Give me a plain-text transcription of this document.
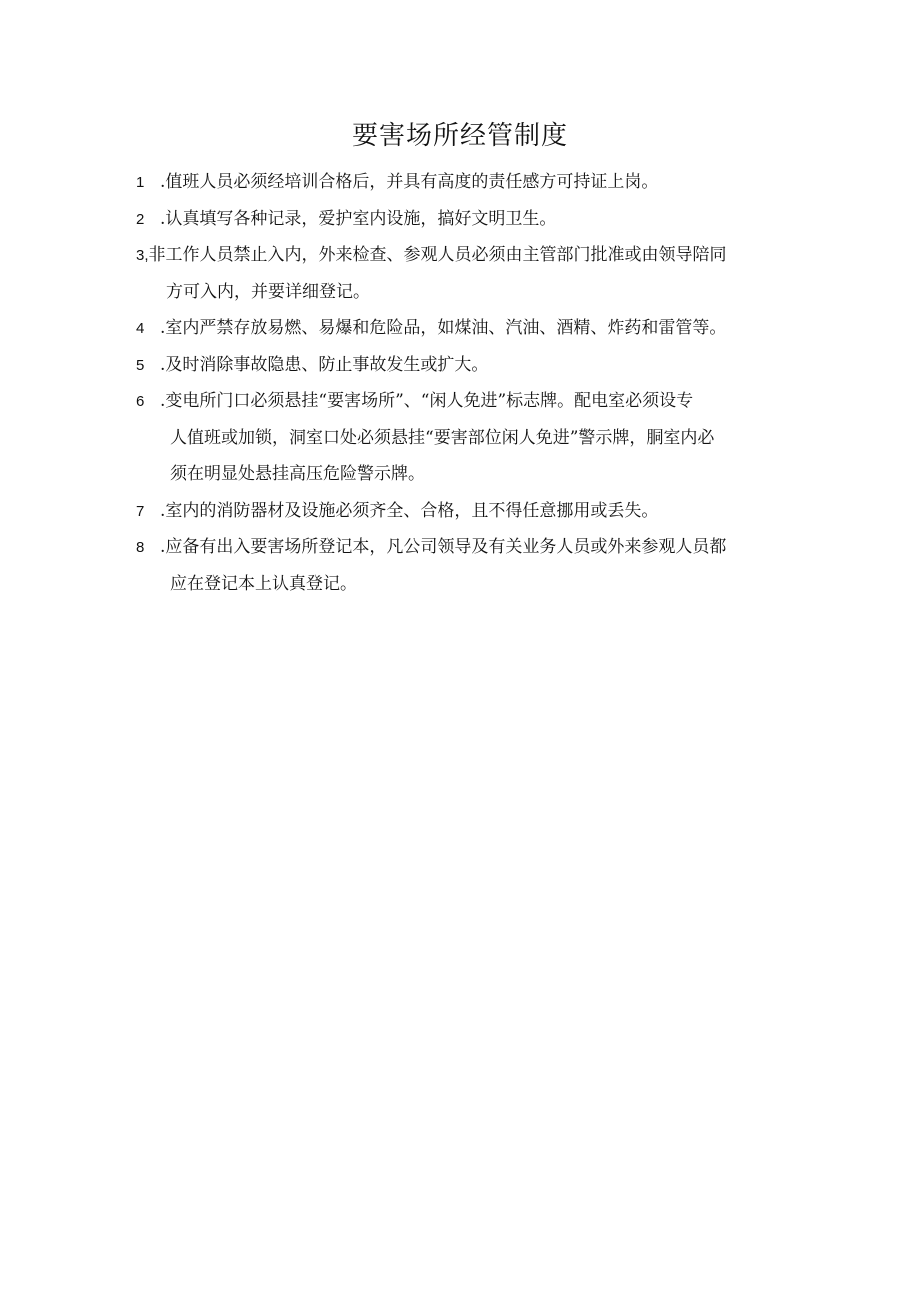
要害场所经管制度
1 .值班人员必须经培训合格后，并具有高度的责任感方可持证上岗。
2 .认真填写各种记录，爱护室内设施，搞好文明卫生。
3,非工作人员禁止入内，外来检查、参观人员必须由主管部门批准或由领导陪同
方可入内，并要详细登记。
4 .室内严禁存放易燃、易爆和危险品，如煤油、汽油、酒精、炸药和雷管等。
5 .及时消除事故隐患、防止事故发生或扩大。
6 .变电所门口必须悬挂“要害场所”、“闲人免进”标志牌。配电室必须设专
人值班或加锁，洞室口处必须悬挂“要害部位闲人免进”警示牌，胴室内必
须在明显处悬挂高压危险警示牌。
7 .室内的消防器材及设施必须齐全、合格，且不得任意挪用或丢失。
8 .应备有出入要害场所登记本，凡公司领导及有关业务人员或外来参观人员都
应在登记本上认真登记。
